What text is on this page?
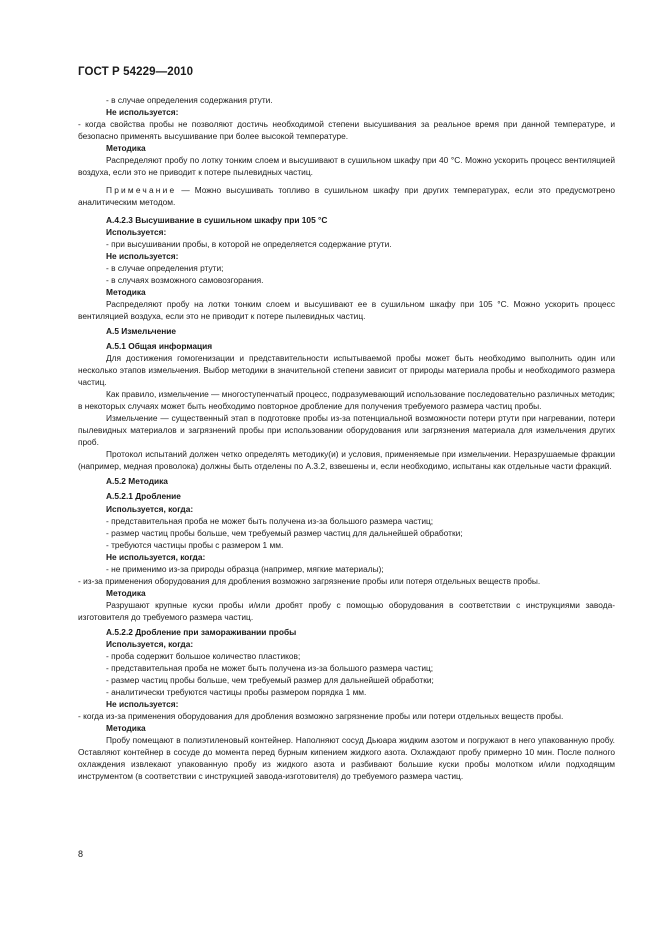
ГОСТ Р 54229—2010

- в случае определения содержания ртути.

Не используется:

- когда свойства пробы не позволяют достичь необходимой степени высушивания за реальное время при данной температуре, и безопасно применять высушивание при более высокой температуре.

Методика

Распределяют пробу по лотку тонким слоем и высушивают в сушильном шкафу при 40 °С. Можно ускорить процесс вентиляцией воздуха, если это не приводит к потере пылевидных частиц.

Примечание — Можно высушивать топливо в сушильном шкафу при других температурах, если это предусмотрено аналитическим методом.

А.4.2.3 Высушивание в сушильном шкафу при 105 °С

Используется:

- при высушивании пробы, в которой не определяется содержание ртути.

Не используется:

- в случае определения ртути;

- в случаях возможного самовозгорания.

Методика

Распределяют пробу на лотки тонким слоем и высушивают ее в сушильном шкафу при 105 °С. Можно ускорить процесс вентиляцией воздуха, если это не приводит к потере пылевидных частиц.

А.5 Измельчение

А.5.1 Общая информация

Для достижения гомогенизации и представительности испытываемой пробы может быть необходимо выполнить один или несколько этапов измельчения. Выбор методики в значительной степени зависит от природы материала пробы и необходимого размера частиц.

Как правило, измельчение — многоступенчатый процесс, подразумевающий использование последовательно различных методик; в некоторых случаях может быть необходимо повторное дробление для получения требуемого размера частиц пробы.

Измельчение — существенный этап в подготовке пробы из-за потенциальной возможности потери ртути при нагревании, потери пылевидных материалов и загрязнений пробы при использовании оборудования или загрязнения материала для измельчения других проб.

Протокол испытаний должен четко определять методику(и) и условия, применяемые при измельчении. Неразрушаемые фракции (например, медная проволока) должны быть отделены по А.3.2, взвешены и, если необходимо, испытаны как отдельные части фракций.

А.5.2 Методика

А.5.2.1 Дробление

Используется, когда:

- представительная проба не может быть получена из-за большого размера частиц;

- размер частиц пробы больше, чем требуемый размер частиц для дальнейшей обработки;

- требуются частицы пробы с размером 1 мм.

Не используется, когда:

- не применимо из-за природы образца (например, мягкие материалы);

- из-за применения оборудования для дробления возможно загрязнение пробы или потеря отдельных веществ пробы.

Методика

Разрушают крупные куски пробы и/или дробят пробу с помощью оборудования в соответствии с инструкциями завода-изготовителя до требуемого размера частиц.

А.5.2.2 Дробление при замораживании пробы

Используется, когда:

- проба содержит большое количество пластиков;

- представительная проба не может быть получена из-за большого размера частиц;

- размер частиц пробы больше, чем требуемый размер для дальнейшей обработки;

- аналитически требуются частицы пробы размером порядка 1 мм.

Не используется:

- когда из-за применения оборудования для дробления возможно загрязнение пробы или потери отдельных веществ пробы.

Методика

Пробу помещают в полиэтиленовый контейнер. Наполняют сосуд Дьюара жидким азотом и погружают в него упакованную пробу. Оставляют контейнер в сосуде до момента перед бурным кипением жидкого азота. Охлаждают пробу примерно 10 мин. После полного охлаждения извлекают упакованную пробу из жидкого азота и разбивают большие куски пробы молотком и/или подходящим инструментом (в соответствии с инструкцией завода-изготовителя) до требуемого размера частиц.

8
